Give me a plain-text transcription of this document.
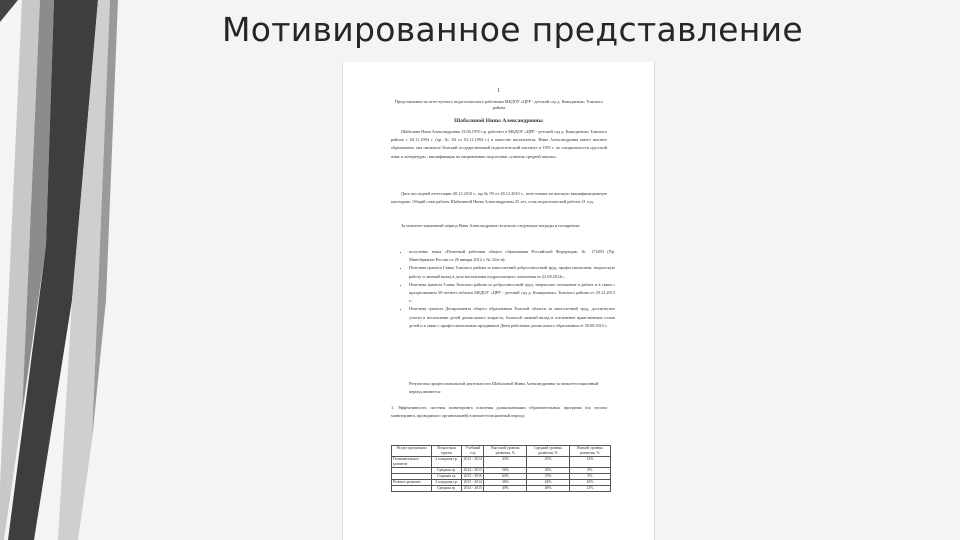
Мотивированное представление
1
Представление на аттестуемого педагогического работника МБДОУ «ЦРР - детский сад д. Кояндаевои» Томского района
Шабалиной Нины Александровны
Шабалина Нина Александровна 13.06.1970 г.р. работает в МБДОУ «ЦРР - детский сад д. Кояндаевои» Томского района с 04.11.1994 г. (пр. № 84 от 03.11.1994 г.) в качестве воспитателя. Нина Александровна имеет высшее образование, она окончила Томский государственный педагогический институт в 1991 г. по специальности «русский язык и литература», квалификация по направлению подготовки «учитель средней школы».
Дата последней аттестации 28.12.2010 г., пр.№ 99 от 28.12.2010 г., аттестована на высшую квалификационную категорию. Общий стаж работы Шабалиной Нины Александровны 25 лет, стаж педагогической работы 21 год.
За межаттестационный период Нина Александровна получила следующие награды и поощрения:
• получение знака «Почетный работник общего образования Российской Федерации» № 173493 (Пр. Минобрнауки России от 20 января 2012 г. № 32/к-н);
• Почетная грамота Главы Томского района за многолетний добросовестный труд, профессионализм, творческую работу и личный вклад в дело воспитания подрастающего поколения от 22.08.2012г.;
• Почетная грамота Главы Томского района за добросовестный труд, творческое отношение к работе и в связи с празднованием 50-летнего юбилея МБДОУ «ЦРР - детский сад д. Кояндаевои» Томского района от 20.12.2013 г.;
• Почетная грамота Департамента общего образования Томской области за многолетний труд, достигнутые успехи в воспитании детей дошкольного возраста, большой личный вклад в озеленение нравственных основ детей и в связи с профессиональным праздником Днем работника дошкольного образования от 30.08.2015 г.
Результаты профессиональной деятельности Шабалиной Нины Александровны за межаттестационный период являются:
1. Эффективность системы мониторинга освоения дошкольниками образовательных программ (по итогам мониторинга, проводимого организацией) в межаттестационный период:
Раздел программы	Возрастная группа	Учебный год	Высокий уровень развития, %	Средний уровень развития, %	Низкий уровень развития, %
Познавательное развитие	2 младшая гр.	2013 - 2014	43%	45%	12%
	Средняя гр.	2014 - 2015	56%	36%	8%
	Старшая гр.	2015 - 2016	64%	33%	3%
Речевое развитие	2 младшая гр.	2013 - 2014	36%	44%	20%
	Средняя гр.	2014 - 2015	40%	48%	12%
